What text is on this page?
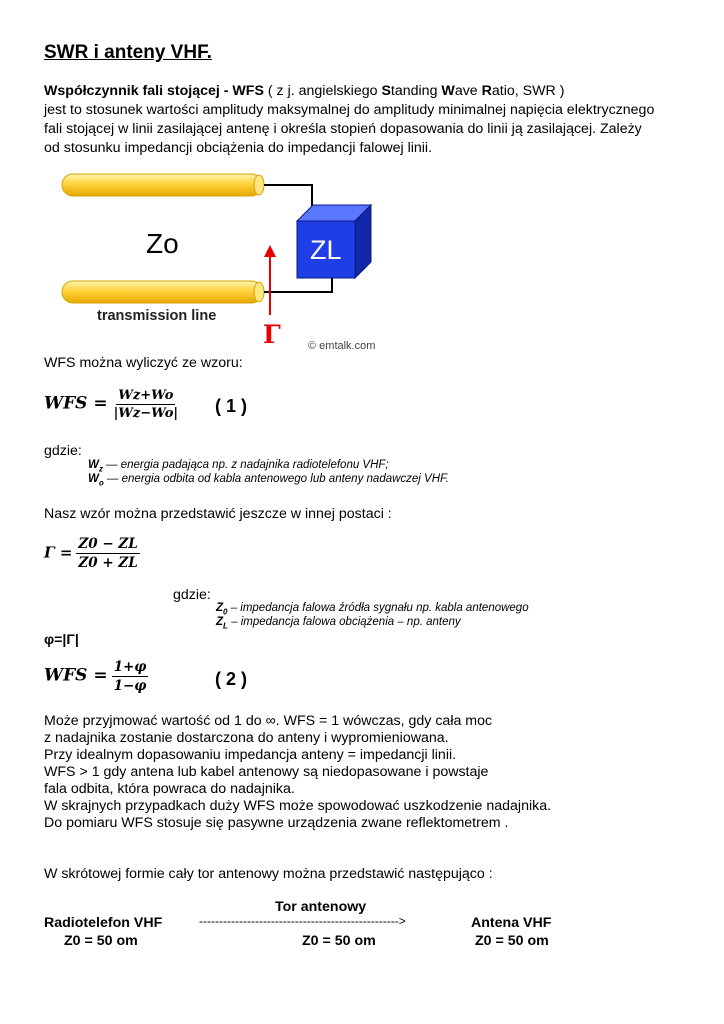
SWR i anteny VHF.
Współczynnik fali stojącej - WFS ( z j. angielskiego Standing Wave Ratio, SWR )
jest to stosunek wartości amplitudy maksymalnej do amplitudy minimalnej napięcia elektrycznego
fali stojącej w linii zasilającej antenę i określa stopień dopasowania do linii ją zasilającej. Zależy
od stosunku impedancji obciążenia do impedancji falowej linii.
ZL
Zo
transmission line
Γ © emtalk.com
WFS można wyliczyć ze wzoru:
WFS = $\frac{Wz+Wo}{|Wz-Wo|}$ ( 1 )
gdzie:
$W_z$ — energia padająca np. z nadajnika radiotelefonu VHF;
$W_o$ — energia odbita od kabla antenowego lub anteny nadawczej VHF.
Nasz wzór można przedstawić jeszcze w innej postaci :
$\Gamma = \frac{Z0 - ZL}{Z0 + ZL}$
gdzie:
$Z_0$ – impedancja falowa źródła sygnału np. kabla antenowego
$Z_L$ – impedancja falowa obciążenia – np. anteny
φ=|Γ|
WFS = $\frac{1+\varphi}{1-\varphi}$	( 2 )
Może przyjmować wartość od 1 do ∞. WFS = 1 wówczas, gdy cała moc
z nadajnika zostanie dostarczona do anteny i wypromieniowana.
Przy idealnym dopasowaniu impedancja anteny = impedancji linii.
WFS > 1 gdy antena lub kabel antenowy są niedopasowane i powstaje
fala odbita, która powraca do nadajnika.
W skrajnych przypadkach duży WFS może spowodować uszkodzenie nadajnika.
Do pomiaru WFS stosuje się pasywne urządzenia zwane reflektometrem .
W skrótowej formie cały tor antenowy można przedstawić następująco :
Tor antenowy
Radiotelefon VHF	-------------------------------------------------->	Antena VHF
Z0 = 50 om	Z0 = 50 om	Z0 = 50 om
